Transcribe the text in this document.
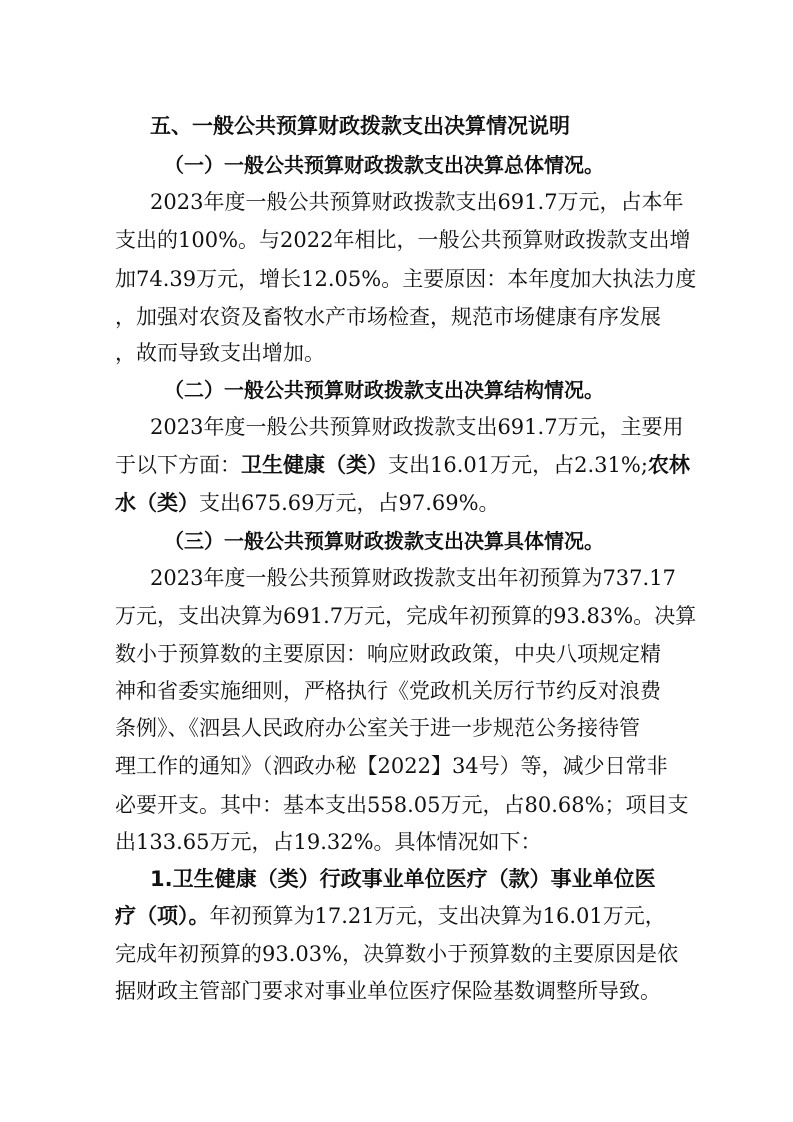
五、一般公共预算财政拨款支出决算情况说明
（一）一般公共预算财政拨款支出决算总体情况。
2023年度一般公共预算财政拨款支出691.7万元，占本年
支出的100%。与2022年相比，一般公共预算财政拨款支出增
加74.39万元，增长12.05%。主要原因：本年度加大执法力度
，加强对农资及畜牧水产市场检查，规范市场健康有序发展
，故而导致支出增加。
（二）一般公共预算财政拨款支出决算结构情况。
2023年度一般公共预算财政拨款支出691.7万元，主要用
于以下方面：卫生健康（类）支出16.01万元，占2.31%;农林
水（类）支出675.69万元，占97.69%。
（三）一般公共预算财政拨款支出决算具体情况。
2023年度一般公共预算财政拨款支出年初预算为737.17
万元，支出决算为691.7万元，完成年初预算的93.83%。决算
数小于预算数的主要原因：响应财政政策，中央八项规定精
神和省委实施细则，严格执行《党政机关厉行节约反对浪费
条例》、《泗县人民政府办公室关于进一步规范公务接待管
理工作的通知》（泗政办秘【2022】34号）等，减少日常非
必要开支。其中：基本支出558.05万元，占80.68%；项目支
出133.65万元，占19.32%。具体情况如下：
1.卫生健康（类）行政事业单位医疗（款）事业单位医
疗（项）。年初预算为17.21万元，支出决算为16.01万元，
完成年初预算的93.03%，决算数小于预算数的主要原因是依
据财政主管部门要求对事业单位医疗保险基数调整所导致。
